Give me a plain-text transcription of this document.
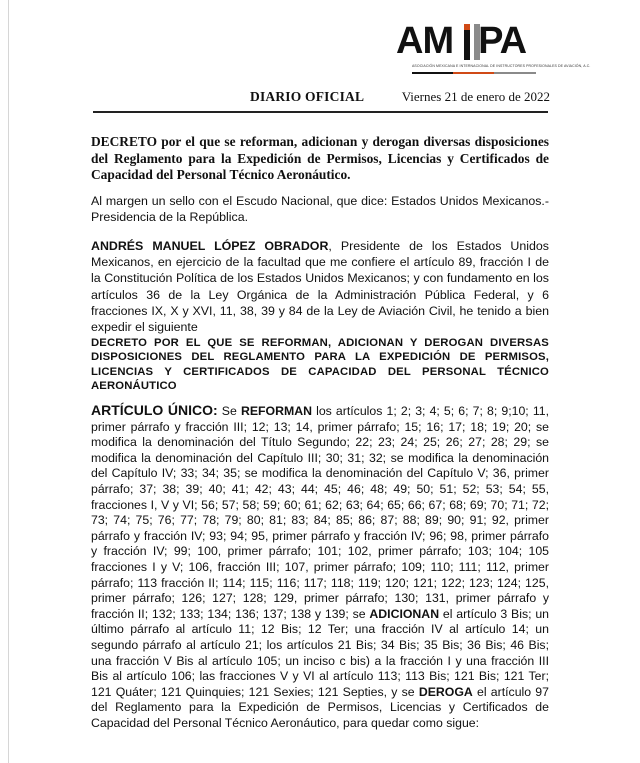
AM PA
ASOCIACIÓN MEXICANA E INTERNACIONAL DE INSTRUCTORES PROFESIONALES DE AVIACIÓN, A.C.
DIARIO OFICIAL	Viernes 21 de enero de 2022

DECRETO por el que se reforman, adicionan y derogan diversas disposiciones del Reglamento para la Expedición de Permisos, Licencias y Certificados de Capacidad del Personal Técnico Aeronáutico.

Al margen un sello con el Escudo Nacional, que dice: Estados Unidos Mexicanos.- Presidencia de la República.

ANDRÉS MANUEL LÓPEZ OBRADOR, Presidente de los Estados Unidos Mexicanos, en ejercicio de la facultad que me confiere el artículo 89, fracción I de la Constitución Política de los Estados Unidos Mexicanos; y con fundamento en los artículos 36 de la Ley Orgánica de la Administración Pública Federal, y 6 fracciones IX, X y XVI, 11, 38, 39 y 84 de la Ley de Aviación Civil, he tenido a bien expedir el siguiente

DECRETO POR EL QUE SE REFORMAN, ADICIONAN Y DEROGAN DIVERSAS DISPOSICIONES DEL REGLAMENTO PARA LA EXPEDICIÓN DE PERMISOS, LICENCIAS Y CERTIFICADOS DE CAPACIDAD DEL PERSONAL TÉCNICO AERONÁUTICO

ARTÍCULO ÚNICO: Se REFORMAN los artículos 1; 2; 3; 4; 5; 6; 7; 8; 9;10; 11, primer párrafo y fracción III; 12; 13; 14, primer párrafo; 15; 16; 17; 18; 19; 20; se modifica la denominación del Título Segundo; 22; 23; 24; 25; 26; 27; 28; 29; se modifica la denominación del Capítulo III; 30; 31; 32; se modifica la denominación del Capítulo IV; 33; 34; 35; se modifica la denominación del Capítulo V; 36, primer párrafo; 37; 38; 39; 40; 41; 42; 43; 44; 45; 46; 48; 49; 50; 51; 52; 53; 54; 55, fracciones I, V y VI; 56; 57; 58; 59; 60; 61; 62; 63; 64; 65; 66; 67; 68; 69; 70; 71; 72; 73; 74; 75; 76; 77; 78; 79; 80; 81; 83; 84; 85; 86; 87; 88; 89; 90; 91; 92, primer párrafo y fracción IV; 93; 94; 95, primer párrafo y fracción IV; 96; 98, primer párrafo y fracción IV; 99; 100, primer párrafo; 101; 102, primer párrafo; 103; 104; 105 fracciones I y V; 106, fracción III; 107, primer párrafo; 109; 110; 111; 112, primer párrafo; 113 fracción II; 114; 115; 116; 117; 118; 119; 120; 121; 122; 123; 124; 125, primer párrafo; 126; 127; 128; 129, primer párrafo; 130; 131, primer párrafo y fracción II; 132; 133; 134; 136; 137; 138 y 139; se ADICIONAN el artículo 3 Bis; un último párrafo al artículo 11; 12 Bis; 12 Ter; una fracción IV al artículo 14; un segundo párrafo al artículo 21; los artículos 21 Bis; 34 Bis; 35 Bis; 36 Bis; 46 Bis; una fracción V Bis al artículo 105; un inciso c bis) a la fracción I y una fracción III Bis al artículo 106; las fracciones V y VI al artículo 113; 113 Bis; 121 Bis; 121 Ter; 121 Quáter; 121 Quinquies; 121 Sexies; 121 Septies, y se DEROGA el artículo 97 del Reglamento para la Expedición de Permisos, Licencias y Certificados de Capacidad del Personal Técnico Aeronáutico, para quedar como sigue:
